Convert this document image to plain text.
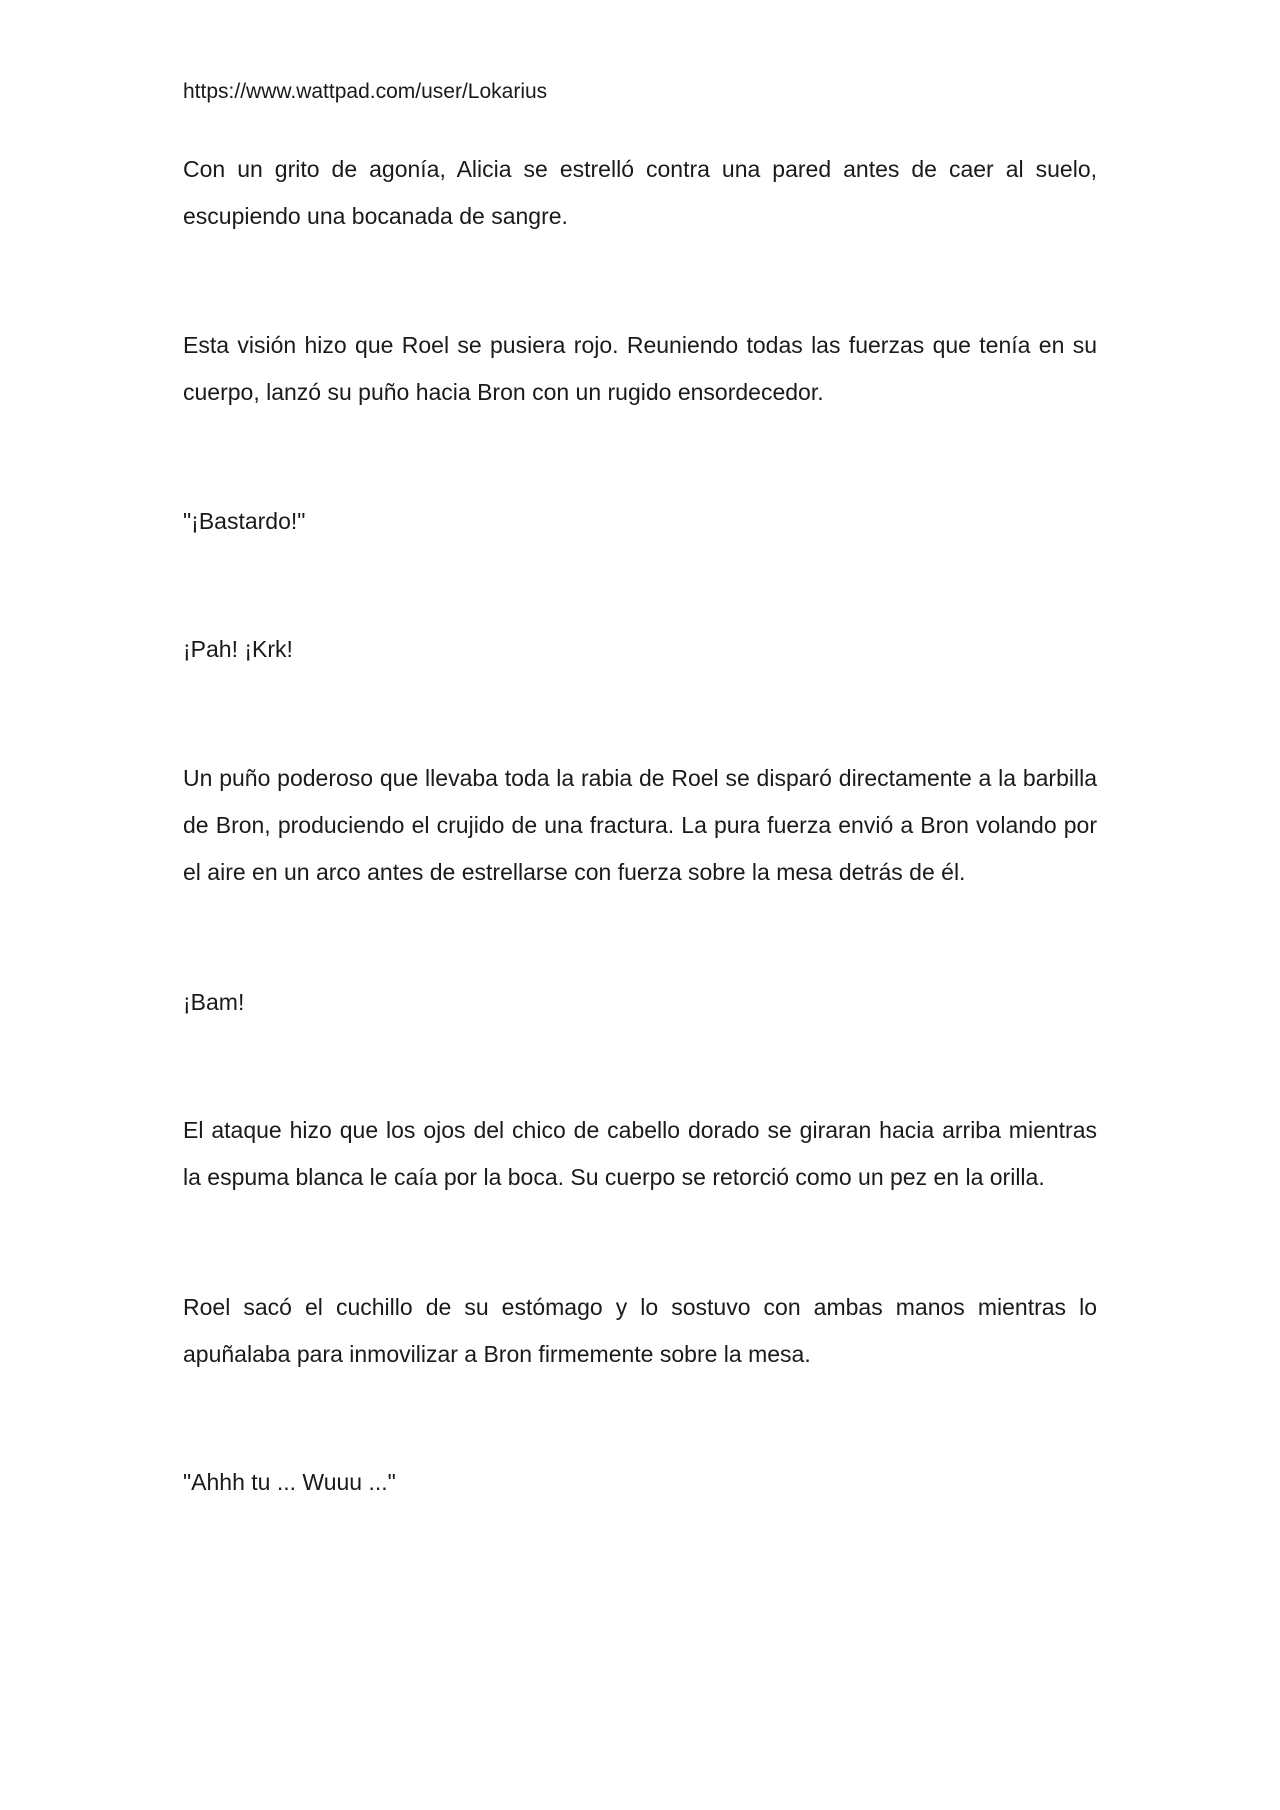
https://www.wattpad.com/user/Lokarius

Con un grito de agonía, Alicia se estrelló contra una pared antes de caer al suelo, escupiendo una bocanada de sangre.

Esta visión hizo que Roel se pusiera rojo. Reuniendo todas las fuerzas que tenía en su cuerpo, lanzó su puño hacia Bron con un rugido ensordecedor.

"¡Bastardo!"

¡Pah! ¡Krk!

Un puño poderoso que llevaba toda la rabia de Roel se disparó directamente a la barbilla de Bron, produciendo el crujido de una fractura. La pura fuerza envió a Bron volando por el aire en un arco antes de estrellarse con fuerza sobre la mesa detrás de él.

¡Bam!

El ataque hizo que los ojos del chico de cabello dorado se giraran hacia arriba mientras la espuma blanca le caía por la boca. Su cuerpo se retorció como un pez en la orilla.

Roel sacó el cuchillo de su estómago y lo sostuvo con ambas manos mientras lo apuñalaba para inmovilizar a Bron firmemente sobre la mesa.

"Ahhh tu ... Wuuu ..."
